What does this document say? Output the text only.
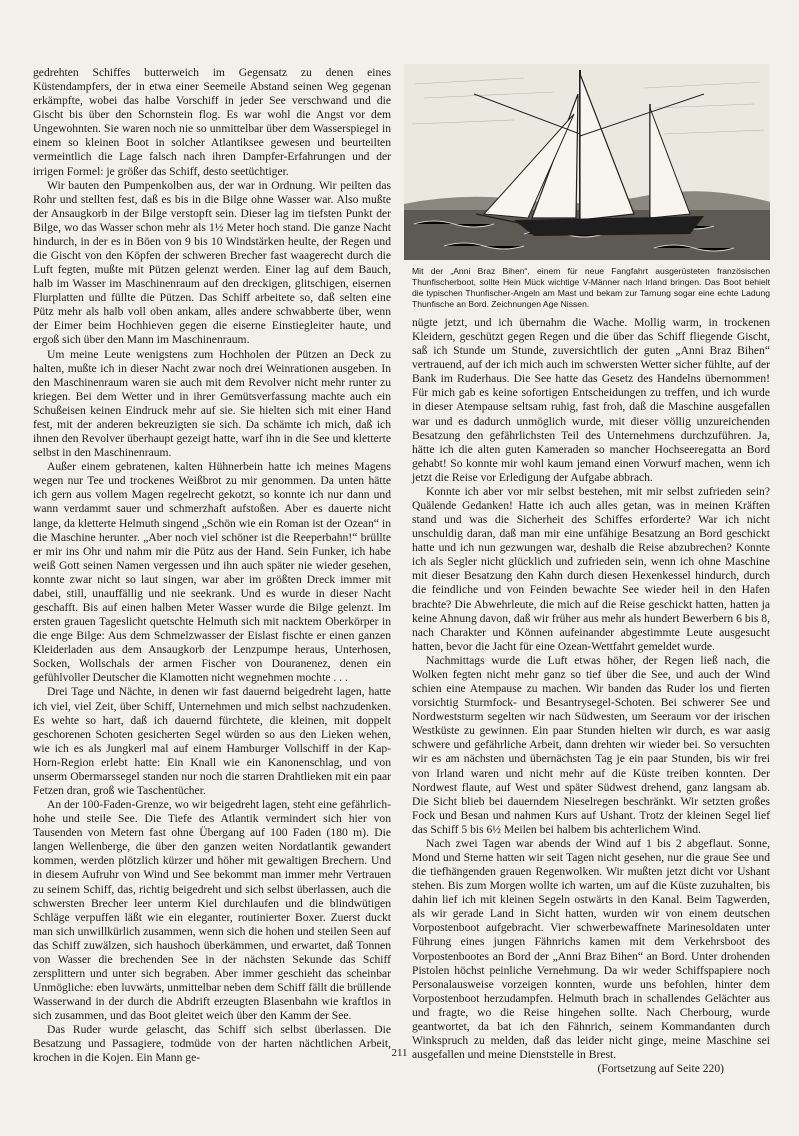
gedrehten Schiffes butterweich im Gegensatz zu denen eines Küstendampfers, der in etwa einer Seemeile Abstand seinen Weg gegenan erkämpfte, wobei das halbe Vorschiff in jeder See verschwand und die Gischt bis über den Schornstein flog. Es war wohl die Angst vor dem Ungewohnten. Sie waren noch nie so unmittelbar über dem Wasserspiegel in einem so kleinen Boot in solcher Atlantiksee gewesen und beurteilten vermeintlich die Lage falsch nach ihren Dampfer-Erfahrungen und der irrigen Formel: je größer das Schiff, desto seetüchtiger.

Wir bauten den Pumpenkolben aus, der war in Ordnung. Wir peilten das Rohr und stellten fest, daß es bis in die Bilge ohne Wasser war. Also mußte der Ansaugkorb in der Bilge verstopft sein. Dieser lag im tiefsten Punkt der Bilge, wo das Wasser schon mehr als 1½ Meter hoch stand. Die ganze Nacht hindurch, in der es in Böen von 9 bis 10 Windstärken heulte, der Regen und die Gischt von den Köpfen der schweren Brecher fast waagerecht durch die Luft fegten, mußte mit Pützen gelenzt werden. Einer lag auf dem Bauch, halb im Wasser im Maschinenraum auf den dreckigen, glitschigen, eisernen Flurplatten und füllte die Pützen. Das Schiff arbeitete so, daß selten eine Pütz mehr als halb voll oben ankam, alles andere schwabberte über, wenn der Eimer beim Hochhieven gegen die eiserne Einstiegleiter haute, und ergoß sich über den Mann im Maschinenraum.

Um meine Leute wenigstens zum Hochholen der Pützen an Deck zu halten, mußte ich in dieser Nacht zwar noch drei Weinrationen ausgeben. In den Maschinenraum waren sie auch mit dem Revolver nicht mehr runter zu kriegen. Bei dem Wetter und in ihrer Gemütsverfassung machte auch ein Schußeisen keinen Eindruck mehr auf sie. Sie hielten sich mit einer Hand fest, mit der anderen bekreuzigten sie sich. Da schämte ich mich, daß ich ihnen den Revolver überhaupt gezeigt hatte, warf ihn in die See und kletterte selbst in den Maschinenraum.

Außer einem gebratenen, kalten Hühnerbein hatte ich meines Magens wegen nur Tee und trockenes Weißbrot zu mir genommen. Da unten hätte ich gern aus vollem Magen regelrecht gekotzt, so konnte ich nur dann und wann verdammt sauer und schmerzhaft aufstoßen. Aber es dauerte nicht lange, da kletterte Helmuth singend „Schön wie ein Roman ist der Ozean“ in die Maschine herunter. „Aber noch viel schöner ist die Reeperbahn!“ brüllte er mir ins Ohr und nahm mir die Pütz aus der Hand. Sein Funker, ich habe weiß Gott seinen Namen vergessen und ihn auch später nie wieder gesehen, konnte zwar nicht so laut singen, war aber im größten Dreck immer mit dabei, still, unauffällig und nie seekrank. Und es wurde in dieser Nacht geschafft. Bis auf einen halben Meter Wasser wurde die Bilge gelenzt. Im ersten grauen Tageslicht quetschte Helmuth sich mit nacktem Oberkörper in die enge Bilge: Aus dem Schmelzwasser der Eislast fischte er einen ganzen Kleiderladen aus dem Ansaugkorb der Lenzpumpe heraus, Unterhosen, Socken, Wollschals der armen Fischer von Douranenez, denen ein gefühlvoller Deutscher die Klamotten nicht wegnehmen mochte . . .

Drei Tage und Nächte, in denen wir fast dauernd beigedreht lagen, hatte ich viel, viel Zeit, über Schiff, Unternehmen und mich selbst nachzudenken. Es wehte so hart, daß ich dauernd fürchtete, die kleinen, mit doppelt geschorenen Schoten gesicherten Segel würden so aus den Lieken wehen, wie ich es als Jungkerl mal auf einem Hamburger Vollschiff in der Kap-Horn-Region erlebt hatte: Ein Knall wie ein Kanonenschlag, und von unserm Obermarssegel standen nur noch die starren Drahtlieken mit ein paar Fetzen dran, groß wie Taschentücher.

An der 100-Faden-Grenze, wo wir beigedreht lagen, steht eine gefährlich-hohe und steile See. Die Tiefe des Atlantik vermindert sich hier von Tausenden von Metern fast ohne Übergang auf 100 Faden (180 m). Die langen Wellenberge, die über den ganzen weiten Nordatlantik gewandert kommen, werden plötzlich kürzer und höher mit gewaltigen Brechern. Und in diesem Aufruhr von Wind und See bekommt man immer mehr Vertrauen zu seinem Schiff, das, richtig beigedreht und sich selbst überlassen, auch die schwersten Brecher leer unterm Kiel durchlaufen und die blindwütigen Schläge verpuffen läßt wie ein eleganter, routinierter Boxer. Zuerst duckt man sich unwillkürlich zusammen, wenn sich die hohen und steilen Seen auf das Schiff zuwälzen, sich haushoch überkämmen, und erwartet, daß Tonnen von Wasser die brechenden See in der nächsten Sekunde das Schiff zersplittern und unter sich begraben. Aber immer geschieht das scheinbar Unmögliche: eben luvwärts, unmittelbar neben dem Schiff fällt die brüllende Wasserwand in der durch die Abdrift erzeugten Blasenbahn wie kraftlos in sich zusammen, und das Boot gleitet weich über den Kamm der See.

Das Ruder wurde gelascht, das Schiff sich selbst überlassen. Die Besatzung und Passagiere, todmüde von der harten nächtlichen Arbeit, krochen in die Kojen. Ein Mann ge-

Mit der „Anni Braz Bihen“, einem für neue Fangfahrt ausgerüsteten französischen Thunfischerboot, sollte Hein Mück wichtige V-Männer nach Irland bringen. Das Boot behielt die typischen Thunfischer-Angeln am Mast und bekam zur Tarnung sogar eine echte Ladung Thunfische an Bord. Zeichnungen Age Nissen.

nügte jetzt, und ich übernahm die Wache. Mollig warm, in trockenen Kleidern, geschützt gegen Regen und die über das Schiff fliegende Gischt, saß ich Stunde um Stunde, zuversichtlich der guten „Anni Braz Bihen“ vertrauend, auf der ich mich auch im schwersten Wetter sicher fühlte, auf der Bank im Ruderhaus. Die See hatte das Gesetz des Handelns übernommen! Für mich gab es keine sofortigen Entscheidungen zu treffen, und ich wurde in dieser Atempause seltsam ruhig, fast froh, daß die Maschine ausgefallen war und es dadurch unmöglich wurde, mit dieser völlig unzureichenden Besatzung den gefährlichsten Teil des Unternehmens durchzuführen. Ja, hätte ich die alten guten Kameraden so mancher Hochseeregatta an Bord gehabt! So konnte mir wohl kaum jemand einen Vorwurf machen, wenn ich jetzt die Reise vor Erledigung der Aufgabe abbrach.

Konnte ich aber vor mir selbst bestehen, mit mir selbst zufrieden sein? Quälende Gedanken! Hatte ich auch alles getan, was in meinen Kräften stand und was die Sicherheit des Schiffes erforderte? War ich nicht unschuldig daran, daß man mir eine unfähige Besatzung an Bord geschickt hatte und ich nun gezwungen war, deshalb die Reise abzubrechen? Konnte ich als Segler nicht glücklich und zufrieden sein, wenn ich ohne Maschine mit dieser Besatzung den Kahn durch diesen Hexenkessel hindurch, durch die feindliche und von Feinden bewachte See wieder heil in den Hafen brachte? Die Abwehrleute, die mich auf die Reise geschickt hatten, hatten ja keine Ahnung davon, daß wir früher aus mehr als hundert Bewerbern 6 bis 8, nach Charakter und Können aufeinander abgestimmte Leute ausgesucht hatten, bevor die Jacht für eine Ozean-Wettfahrt gemeldet wurde.

Nachmittags wurde die Luft etwas höher, der Regen ließ nach, die Wolken fegten nicht mehr ganz so tief über die See, und auch der Wind schien eine Atempause zu machen. Wir banden das Ruder los und fierten vorsichtig Sturmfock- und Besantrysegel-Schoten. Bei schwerer See und Nordweststurm segelten wir nach Südwesten, um Seeraum vor der irischen Westküste zu gewinnen. Ein paar Stunden hielten wir durch, es war aasig schwere und gefährliche Arbeit, dann drehten wir wieder bei. So versuchten wir es am nächsten und übernächsten Tag je ein paar Stunden, bis wir frei von Irland waren und nicht mehr auf die Küste treiben konnten. Der Nordwest flaute, auf West und später Südwest drehend, ganz langsam ab. Die Sicht blieb bei dauerndem Nieselregen beschränkt. Wir setzten großes Fock und Besan und nahmen Kurs auf Ushant. Trotz der kleinen Segel lief das Schiff 5 bis 6½ Meilen bei halbem bis achterlichem Wind.

Nach zwei Tagen war abends der Wind auf 1 bis 2 abgeflaut. Sonne, Mond und Sterne hatten wir seit Tagen nicht gesehen, nur die graue See und die tiefhängenden grauen Regenwolken. Wir mußten jetzt dicht vor Ushant stehen. Bis zum Morgen wollte ich warten, um auf die Küste zuzuhalten, bis dahin lief ich mit kleinen Segeln ostwärts in den Kanal. Beim Tagwerden, als wir gerade Land in Sicht hatten, wurden wir von einem deutschen Vorpostenboot aufgebracht. Vier schwerbewaffnete Marinesoldaten unter Führung eines jungen Fähnrichs kamen mit dem Verkehrsboot des Vorpostenbootes an Bord der „Anni Braz Bihen“ an Bord. Unter drohenden Pistolen höchst peinliche Vernehmung. Da wir weder Schiffspapiere noch Personalausweise vorzeigen konnten, wurde uns befohlen, hinter dem Vorpostenboot herzudampfen. Helmuth brach in schallendes Gelächter aus und fragte, wo die Reise hingehen sollte. Nach Cherbourg, wurde geantwortet, da bat ich den Fähnrich, seinem Kommandanten durch Winkspruch zu melden, daß das leider nicht ginge, meine Maschine sei ausgefallen und meine Dienststelle in Brest.

(Fortsetzung auf Seite 220)

211
